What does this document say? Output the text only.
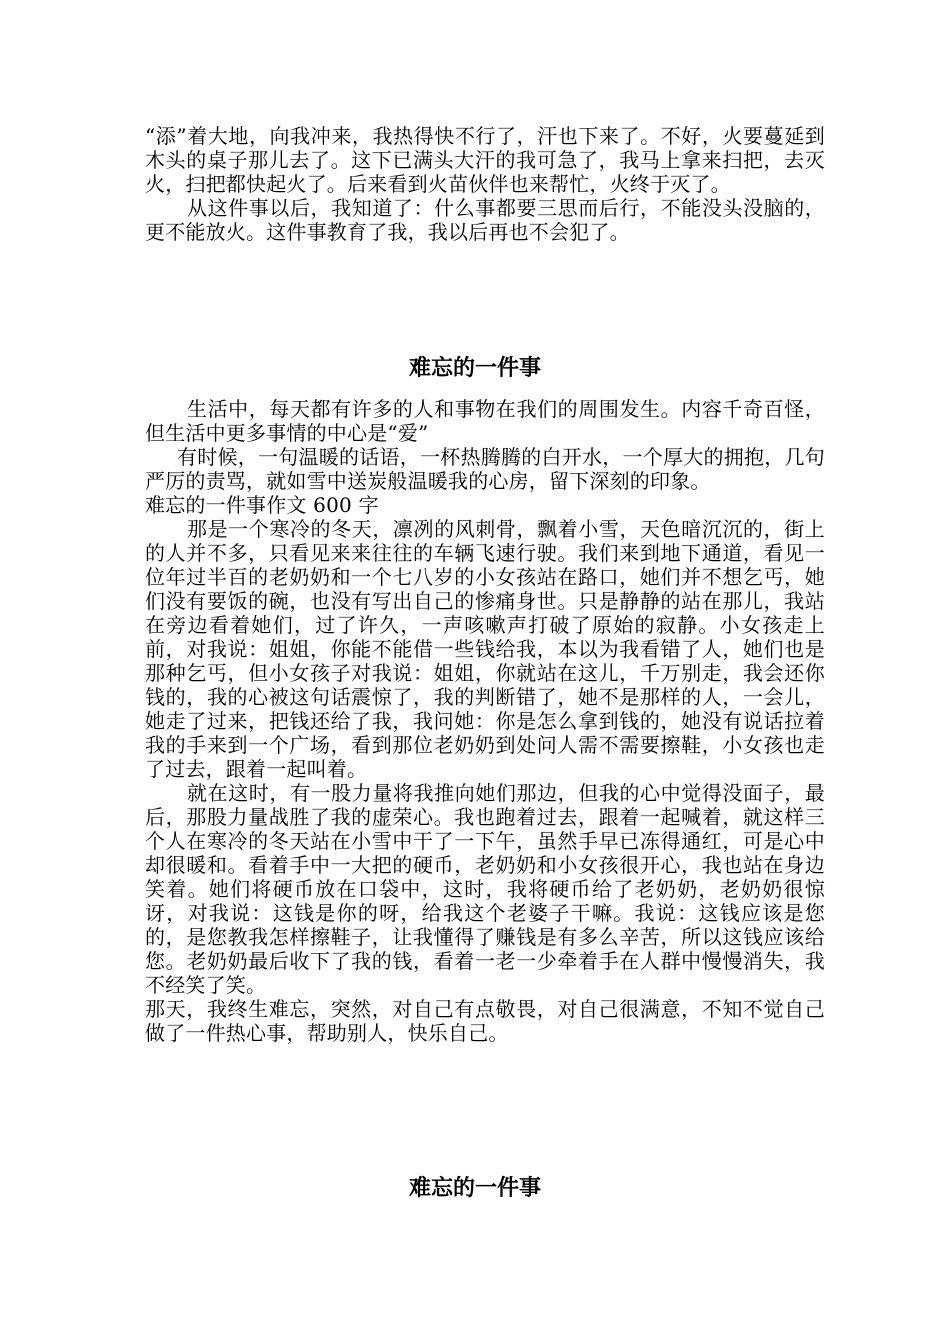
“添”着大地，向我冲来，我热得快不行了，汗也下来了。不好，火要蔓延到木头的桌子那儿去了。这下已满头大汗的我可急了，我马上拿来扫把，去灭火，扫把都快起火了。后来看到火苗伙伴也来帮忙，火终于灭了。

从这件事以后，我知道了：什么事都要三思而后行，不能没头没脑的，更不能放火。这件事教育了我，我以后再也不会犯了。

难忘的一件事

生活中，每天都有许多的人和事物在我们的周围发生。内容千奇百怪，但生活中更多事情的中心是“爱”

有时候，一句温暖的话语，一杯热腾腾的白开水，一个厚大的拥抱，几句严厉的责骂，就如雪中送炭般温暖我的心房，留下深刻的印象。

难忘的一件事作文 600 字

那是一个寒冷的冬天，凛冽的风刺骨，飘着小雪，天色暗沉沉的，街上的人并不多，只看见来来往往的车辆飞速行驶。我们来到地下通道，看见一位年过半百的老奶奶和一个七八岁的小女孩站在路口，她们并不想乞丐，她们没有要饭的碗，也没有写出自己的惨痛身世。只是静静的站在那儿，我站在旁边看着她们，过了许久，一声咳嗽声打破了原始的寂静。小女孩走上前，对我说：姐姐，你能不能借一些钱给我，本以为我看错了人，她们也是那种乞丐，但小女孩子对我说：姐姐，你就站在这儿，千万别走，我会还你钱的，我的心被这句话震惊了，我的判断错了，她不是那样的人，一会儿，她走了过来，把钱还给了我，我问她：你是怎么拿到钱的，她没有说话拉着我的手来到一个广场，看到那位老奶奶到处问人需不需要擦鞋，小女孩也走了过去，跟着一起叫着。

就在这时，有一股力量将我推向她们那边，但我的心中觉得没面子，最后，那股力量战胜了我的虚荣心。我也跑着过去，跟着一起喊着，就这样三个人在寒冷的冬天站在小雪中干了一下午，虽然手早已冻得通红，可是心中却很暖和。看着手中一大把的硬币，老奶奶和小女孩很开心，我也站在身边笑着。她们将硬币放在口袋中，这时，我将硬币给了老奶奶，老奶奶很惊讶，对我说：这钱是你的呀，给我这个老婆子干嘛。我说：这钱应该是您的，是您教我怎样擦鞋子，让我懂得了赚钱是有多么辛苦，所以这钱应该给您。老奶奶最后收下了我的钱，看着一老一少牵着手在人群中慢慢消失，我不经笑了笑。

那天，我终生难忘，突然，对自己有点敬畏，对自己很满意，不知不觉自己做了一件热心事，帮助别人，快乐自己。

难忘的一件事
